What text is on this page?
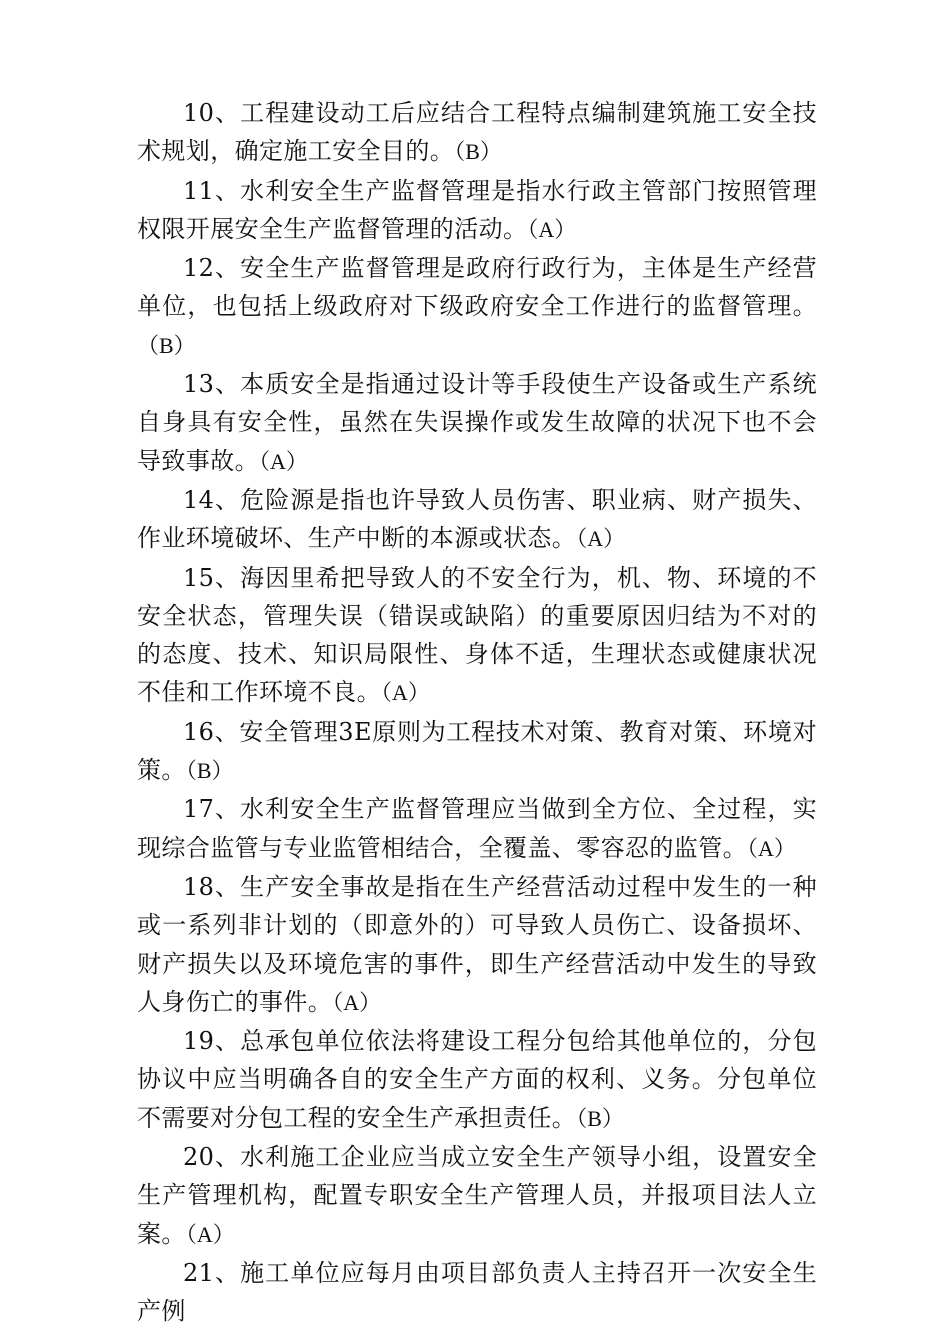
10、工程建设动工后应结合工程特点编制建筑施工安全技术规划，确定施工安全目的。（B）

11、水利安全生产监督管理是指水行政主管部门按照管理权限开展安全生产监督管理的活动。（A）

12、安全生产监督管理是政府行政行为，主体是生产经营单位，也包括上级政府对下级政府安全工作进行的监督管理。（B）

13、本质安全是指通过设计等手段使生产设备或生产系统自身具有安全性，虽然在失误操作或发生故障的状况下也不会导致事故。（A）

14、危险源是指也许导致人员伤害、职业病、财产损失、作业环境破坏、生产中断的本源或状态。（A）

15、海因里希把导致人的不安全行为，机、物、环境的不安全状态，管理失误（错误或缺陷）的重要原因归结为不对的的态度、技术、知识局限性、身体不适，生理状态或健康状况不佳和工作环境不良。（A）

16、安全管理3E原则为工程技术对策、教育对策、环境对策。（B）

17、水利安全生产监督管理应当做到全方位、全过程，实现综合监管与专业监管相结合，全覆盖、零容忍的监管。（A）

18、生产安全事故是指在生产经营活动过程中发生的一种或一系列非计划的（即意外的）可导致人员伤亡、设备损坏、财产损失以及环境危害的事件，即生产经营活动中发生的导致人身伤亡的事件。（A）

19、总承包单位依法将建设工程分包给其他单位的，分包协议中应当明确各自的安全生产方面的权利、义务。分包单位不需要对分包工程的安全生产承担责任。（B）

20、水利施工企业应当成立安全生产领导小组，设置安全生产管理机构，配置专职安全生产管理人员，并报项目法人立案。（A）

21、施工单位应每月由项目部负责人主持召开一次安全生产例
